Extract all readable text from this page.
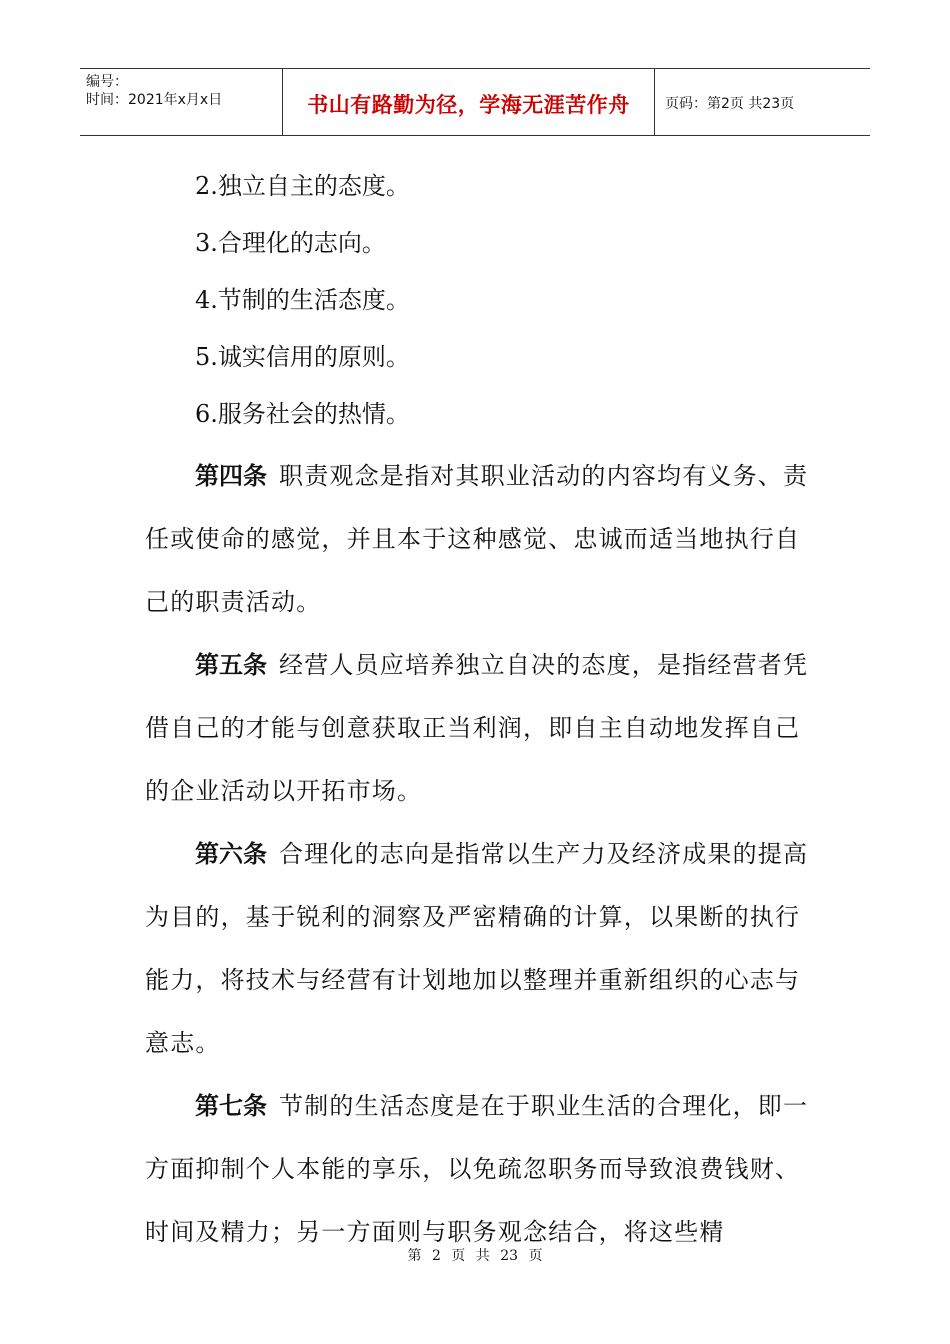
编号：
时间：2021年x月x日	书山有路勤为径，学海无涯苦作舟	页码：第2页 共23页
2.独立自主的态度。
3.合理化的志向。
4.节制的生活态度。
5.诚实信用的原则。
6.服务社会的热情。

第四条 职责观念是指对其职业活动的内容均有义务、责任或使命的感觉，并且本于这种感觉、忠诚而适当地执行自己的职责活动。

第五条 经营人员应培养独立自决的态度，是指经营者凭借自己的才能与创意获取正当利润，即自主自动地发挥自己的企业活动以开拓市场。

第六条 合理化的志向是指常以生产力及经济成果的提高为目的，基于锐利的洞察及严密精确的计算，以果断的执行能力，将技术与经营有计划地加以整理并重新组织的心志与意志。

第七条 节制的生活态度是在于职业生活的合理化，即一方面抑制个人本能的享乐，以免疏忽职务而导致浪费钱财、时间及精力；另一方面则与职务观念结合，将这些精

第 2 页 共 23 页
